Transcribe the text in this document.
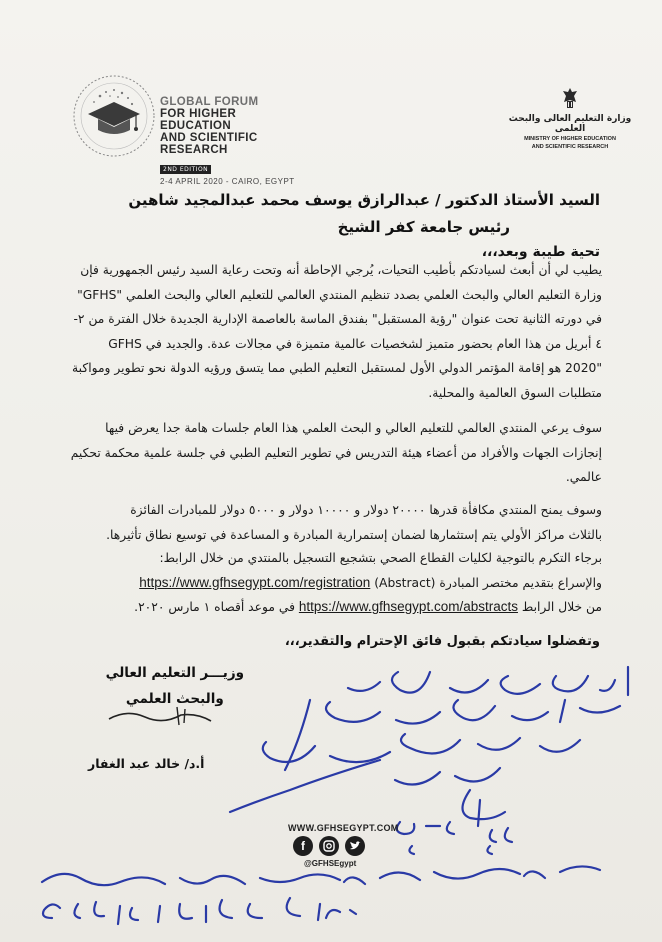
GLOBAL FORUM
FOR HIGHER EDUCATION
AND SCIENTIFIC RESEARCH
2ND EDITION
2-4 APRIL 2020 - CAIRO, EGYPT
وزارة التعليم العالى والبحث العلمى
MINISTRY OF HIGHER EDUCATION
AND SCIENTIFIC RESEARCH
السيد الأستاذ الدكتور / عبدالرازق يوسف محمد عبدالمجيد شاهين
رئيس جامعة كفر الشيخ
تحية طيبة وبعد،،،
يطيب لي أن أبعث لسيادتكم بأطيب التحيات، يُرجي الإحاطة أنه وتحت رعاية السيد رئيس الجمهورية فإن
وزارة التعليم العالي والبحث العلمي بصدد تنظيم المنتدي العالمي للتعليم العالي والبحث العلمي "GFHS"
في دورته الثانية تحت عنوان "رؤية المستقبل" بفندق الماسة بالعاصمة الإدارية الجديدة خلال الفترة من ٢-
٤ أبريل من هذا العام بحضور متميز لشخصيات عالمية متميزة في مجالات عدة. والجديد في GFHS
"2020 هو إقامة المؤتمر الدولي الأول لمستقبل التعليم الطبي مما يتسق ورؤيه الدولة نحو تطوير ومواكبة
متطلبات السوق العالمية والمحلية.
سوف يرعي المنتدي العالمي للتعليم العالي و البحث العلمي هذا العام جلسات هامة جدا يعرض فيها
إنجازات الجهات والأفراد من أعضاء هيئة التدريس في تطوير التعليم الطبي في جلسة علمية محكمة تحكيم
عالمي.
وسوف يمنح المنتدي مكافأة قدرها ٢٠٠٠٠ دولار و ١٠٠٠٠ دولار و ٥٠٠٠ دولار للمبادرات الفائزة
بالثلاث مراكز الأولي يتم إستثمارها لضمان إستمرارية المبادرة و المساعدة في توسيع نطاق تأثيرها.
برجاء التكرم بالتوجية لكليات القطاع الصحي بتشجيع التسجيل بالمنتدي من خلال الرابط:
والإسراع بتقديم مختصر المبادرة (Abstract) https://www.gfhsegypt.com/registration
من خلال الرابط https://www.gfhsegypt.com/abstracts في موعد أقصاه ١ مارس ٢٠٢٠.
وتفضلوا سيادتكم بقبول فائق الإحترام والتقدير،،،
وزيـــر التعليم العالي
والبحث العلمي
أ.د/ خالد عبد الغفار
WWW.GFHSEGYPT.COM
f
@GFHSEgypt
